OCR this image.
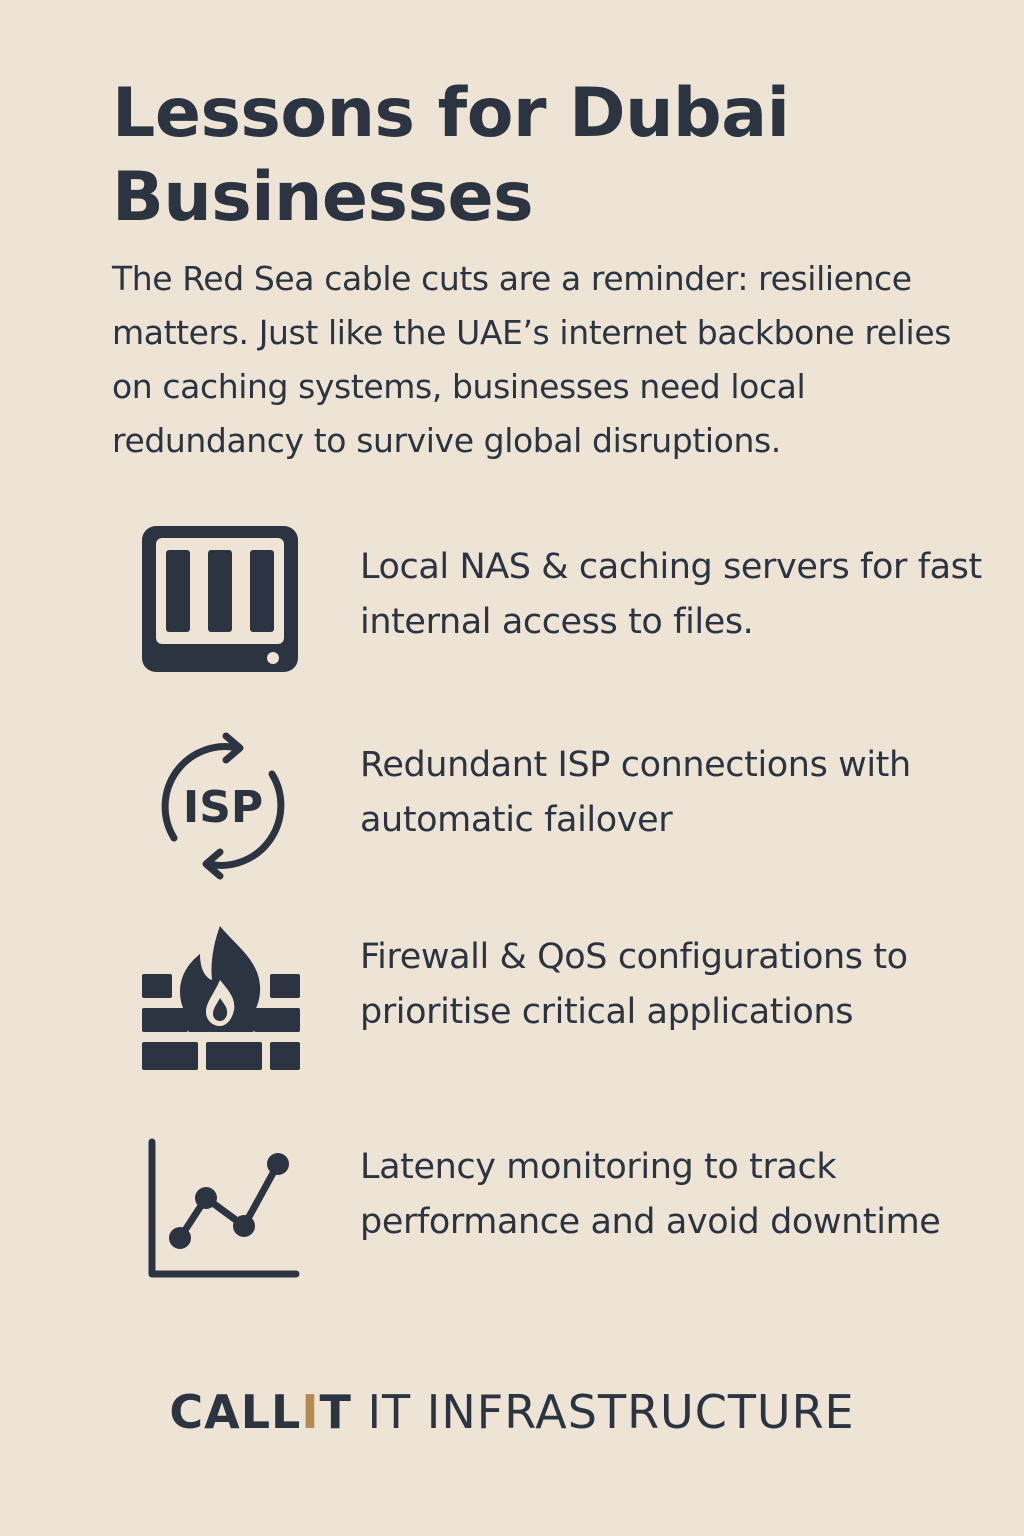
Lessons for Dubai Businesses

The Red Sea cable cuts are a reminder: resilience matters. Just like the UAE’s internet backbone relies on caching systems, businesses need local redundancy to survive global disruptions.

Local NAS & caching servers for fast internal access to files.
ISP
Redundant ISP connections with automatic failover
Firewall & QoS configurations to prioritise critical applications
Latency monitoring to track performance and avoid downtime
CALLIT IT INFRASTRUCTURE
